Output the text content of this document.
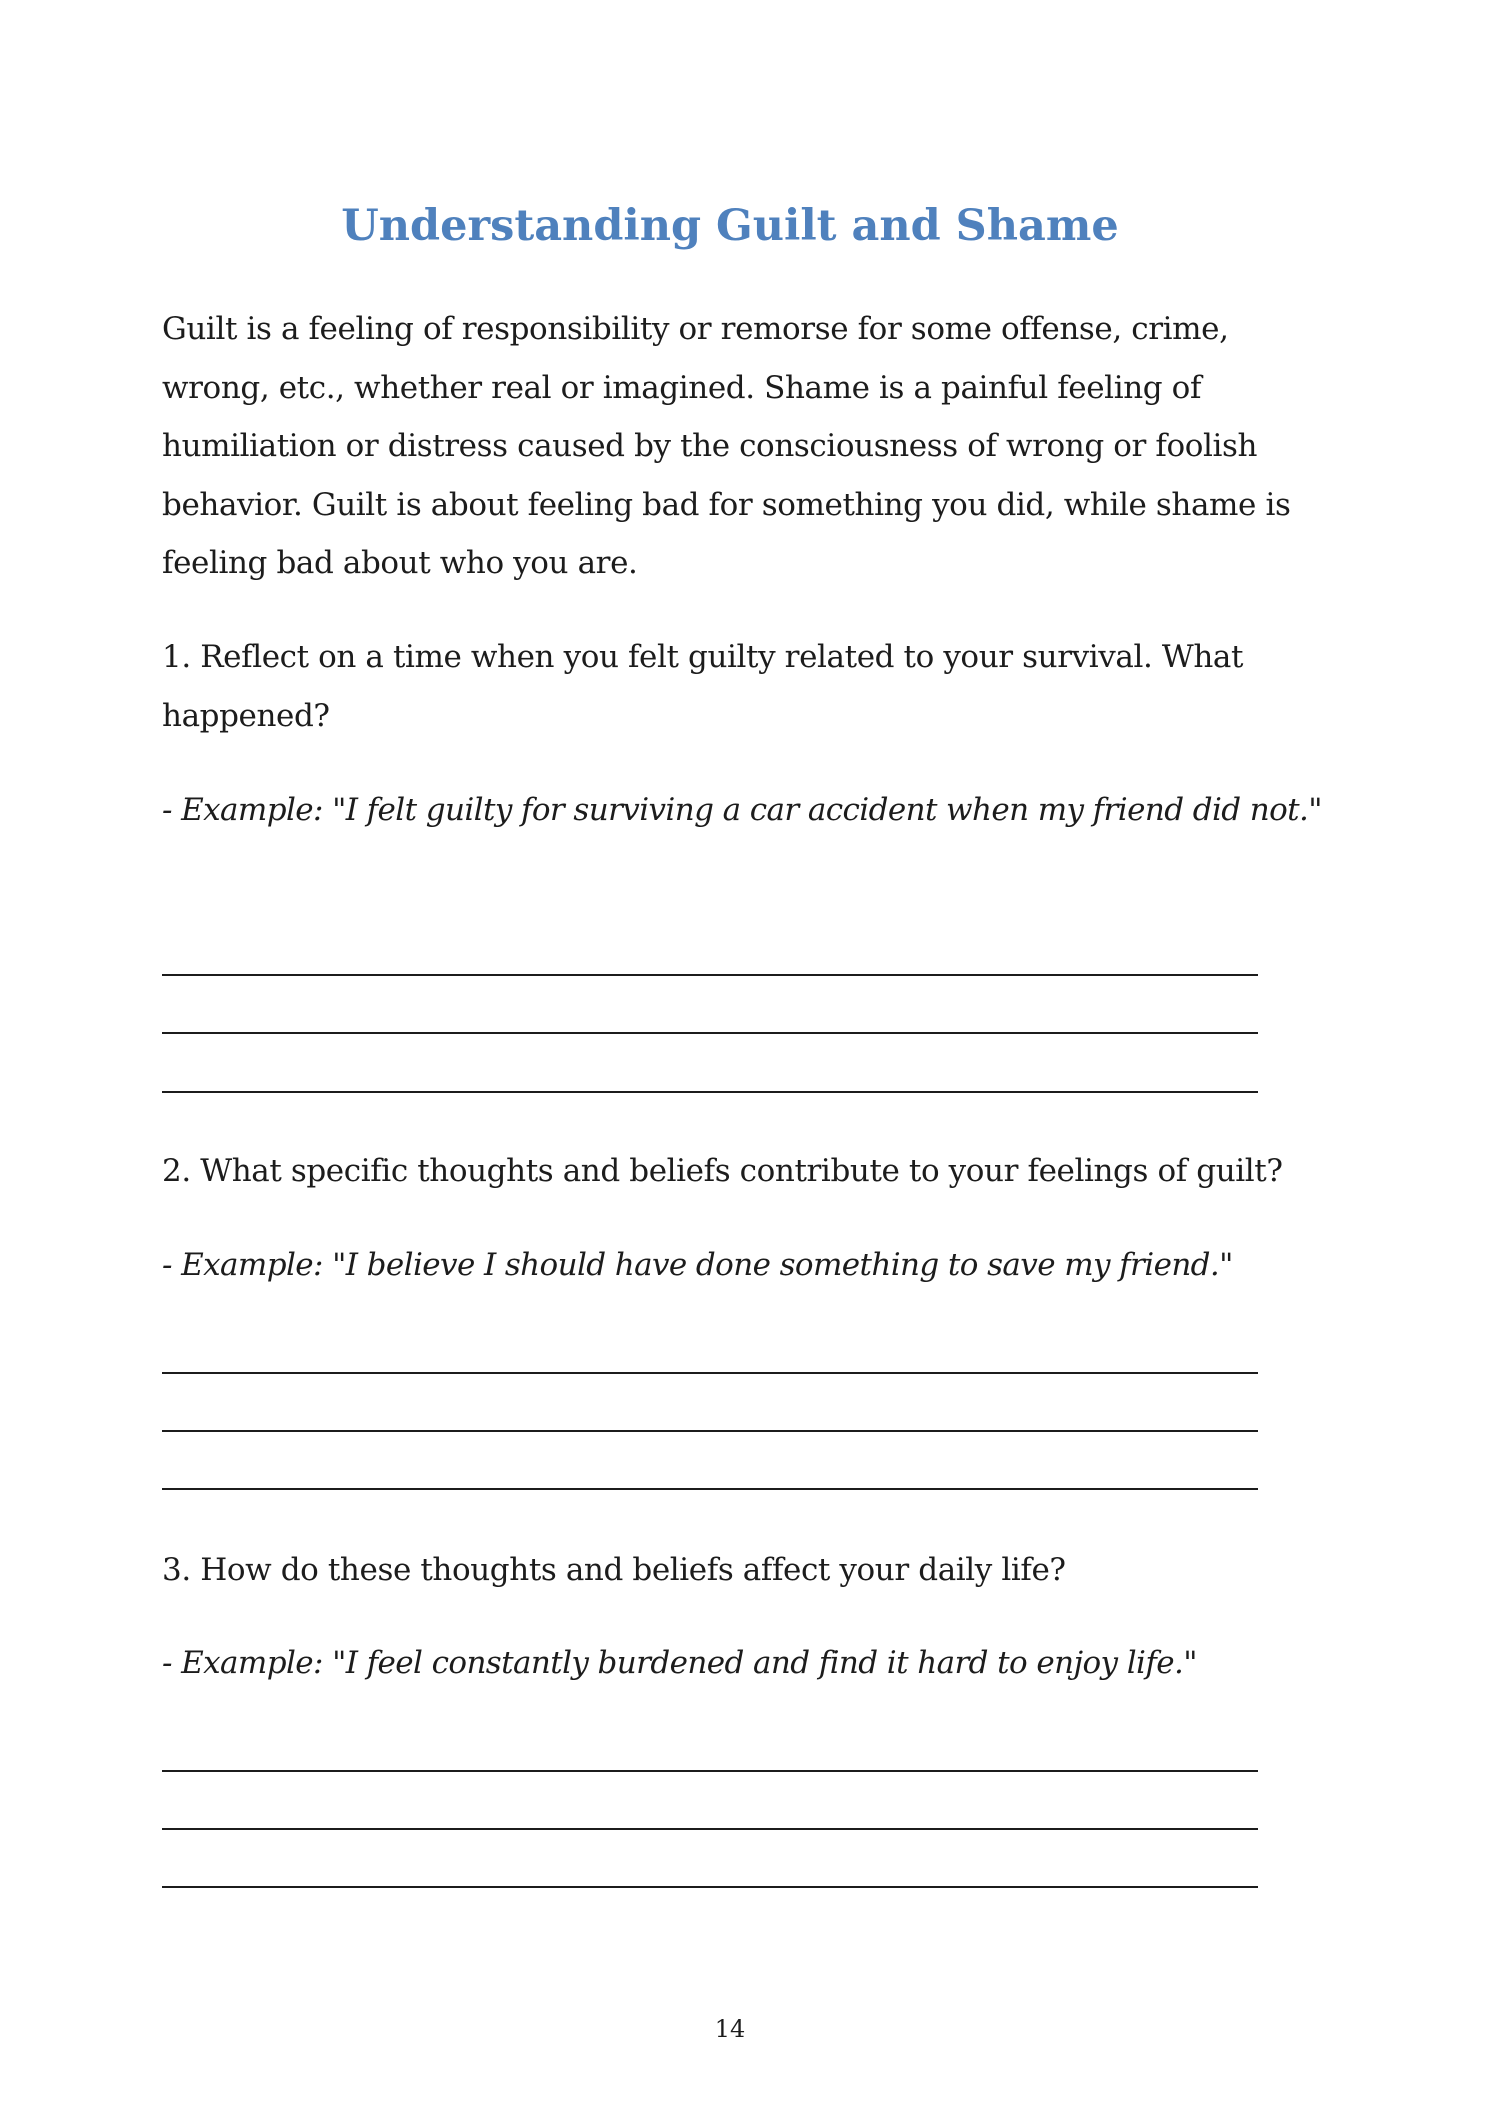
Understanding Guilt and Shame

Guilt is a feeling of responsibility or remorse for some offense, crime, wrong, etc., whether real or imagined. Shame is a painful feeling of humiliation or distress caused by the consciousness of wrong or foolish behavior. Guilt is about feeling bad for something you did, while shame is feeling bad about who you are.

1. Reflect on a time when you felt guilty related to your survival. What happened?

- Example: "I felt guilty for surviving a car accident when my friend did not."

2. What specific thoughts and beliefs contribute to your feelings of guilt?

- Example: "I believe I should have done something to save my friend."

3. How do these thoughts and beliefs affect your daily life?

- Example: "I feel constantly burdened and find it hard to enjoy life."

14
